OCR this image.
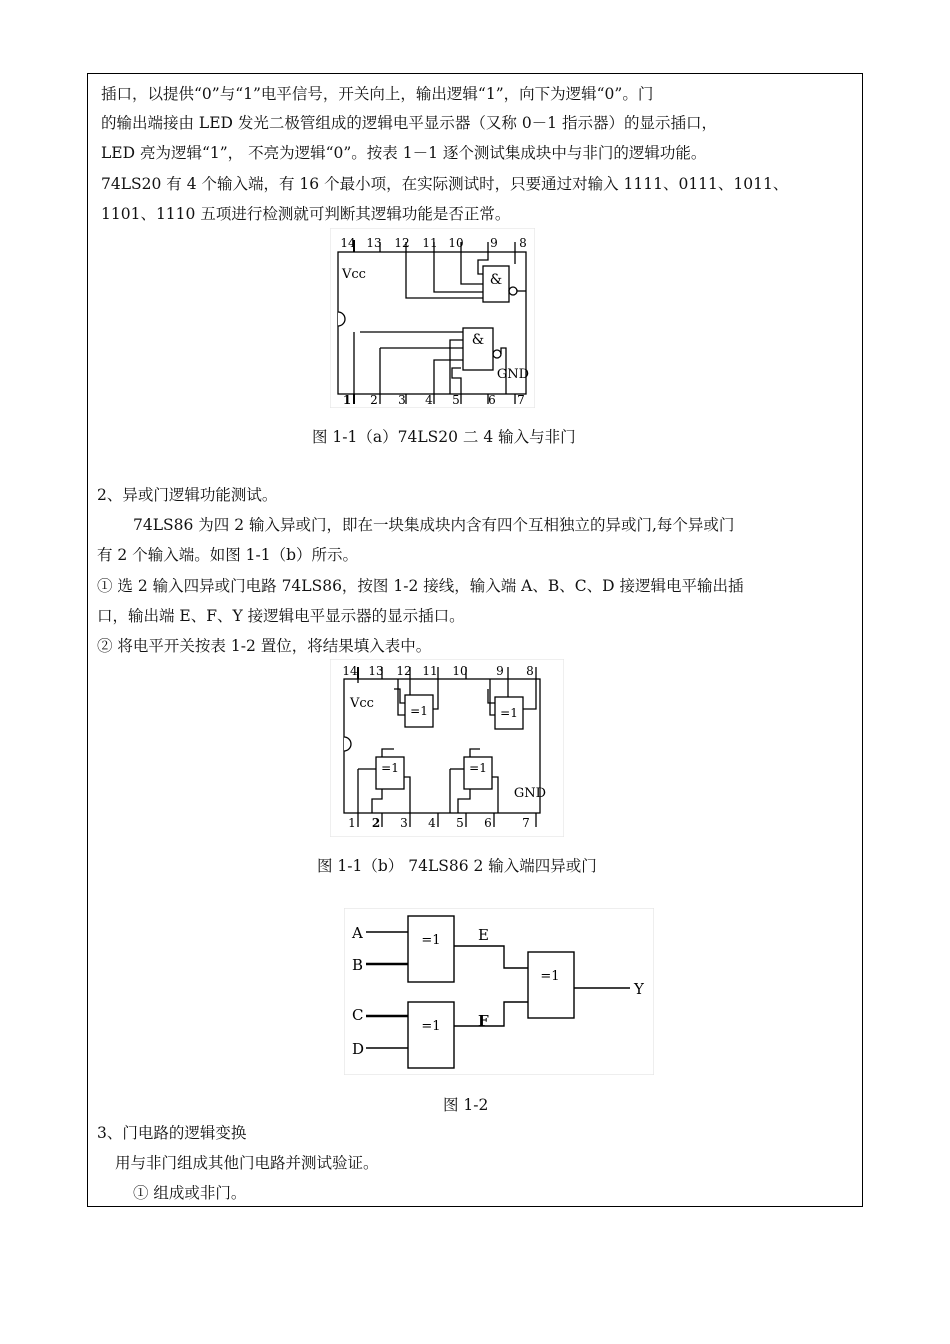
插口，以提供“0”与“1”电平信号，开关向上，输出逻辑“1”，向下为逻辑“0”。门
的输出端接由 LED 发光二极管组成的逻辑电平显示器（又称 0－1 指示器）的显示插口，
LED 亮为逻辑“1”， 不亮为逻辑“0”。按表 1－1 逐个测试集成块中与非门的逻辑功能。
74LS20 有 4 个输入端，有 16 个最小项，在实际测试时，只要通过对输入 1111、0111、1011、
1101、1110 五项进行检测就可判断其逻辑功能是否正常。
14 13 12 11 10 9 8
1 2 3 4 5 6 7
Vcc
GND
&
&
图 1-1（a）74LS20 二 4 输入与非门
2、异或门逻辑功能测试。
74LS86 为四 2 输入异或门，即在一块集成块内含有四个互相独立的异或门,每个异或门
有 2 个输入端。如图 1-1（b）所示。
① 选 2 输入四异或门电路 74LS86，按图 1-2 接线，输入端 A、B、C、D 接逻辑电平输出插
口，输出端 E、F、Y 接逻辑电平显示器的显示插口。
② 将电平开关按表 1-2 置位，将结果填入表中。
14 13 12 11 10 9 8
1 2 3 4 5 6	7
Vcc
GND
=1	=1
=1	=1
图 1-1（b） 74LS86 2 输入端四异或门
A
B
C
D
E
F
Y
=1
=1
=1
图 1-2
3、门电路的逻辑变换
用与非门组成其他门电路并测试验证。
① 组成或非门。
